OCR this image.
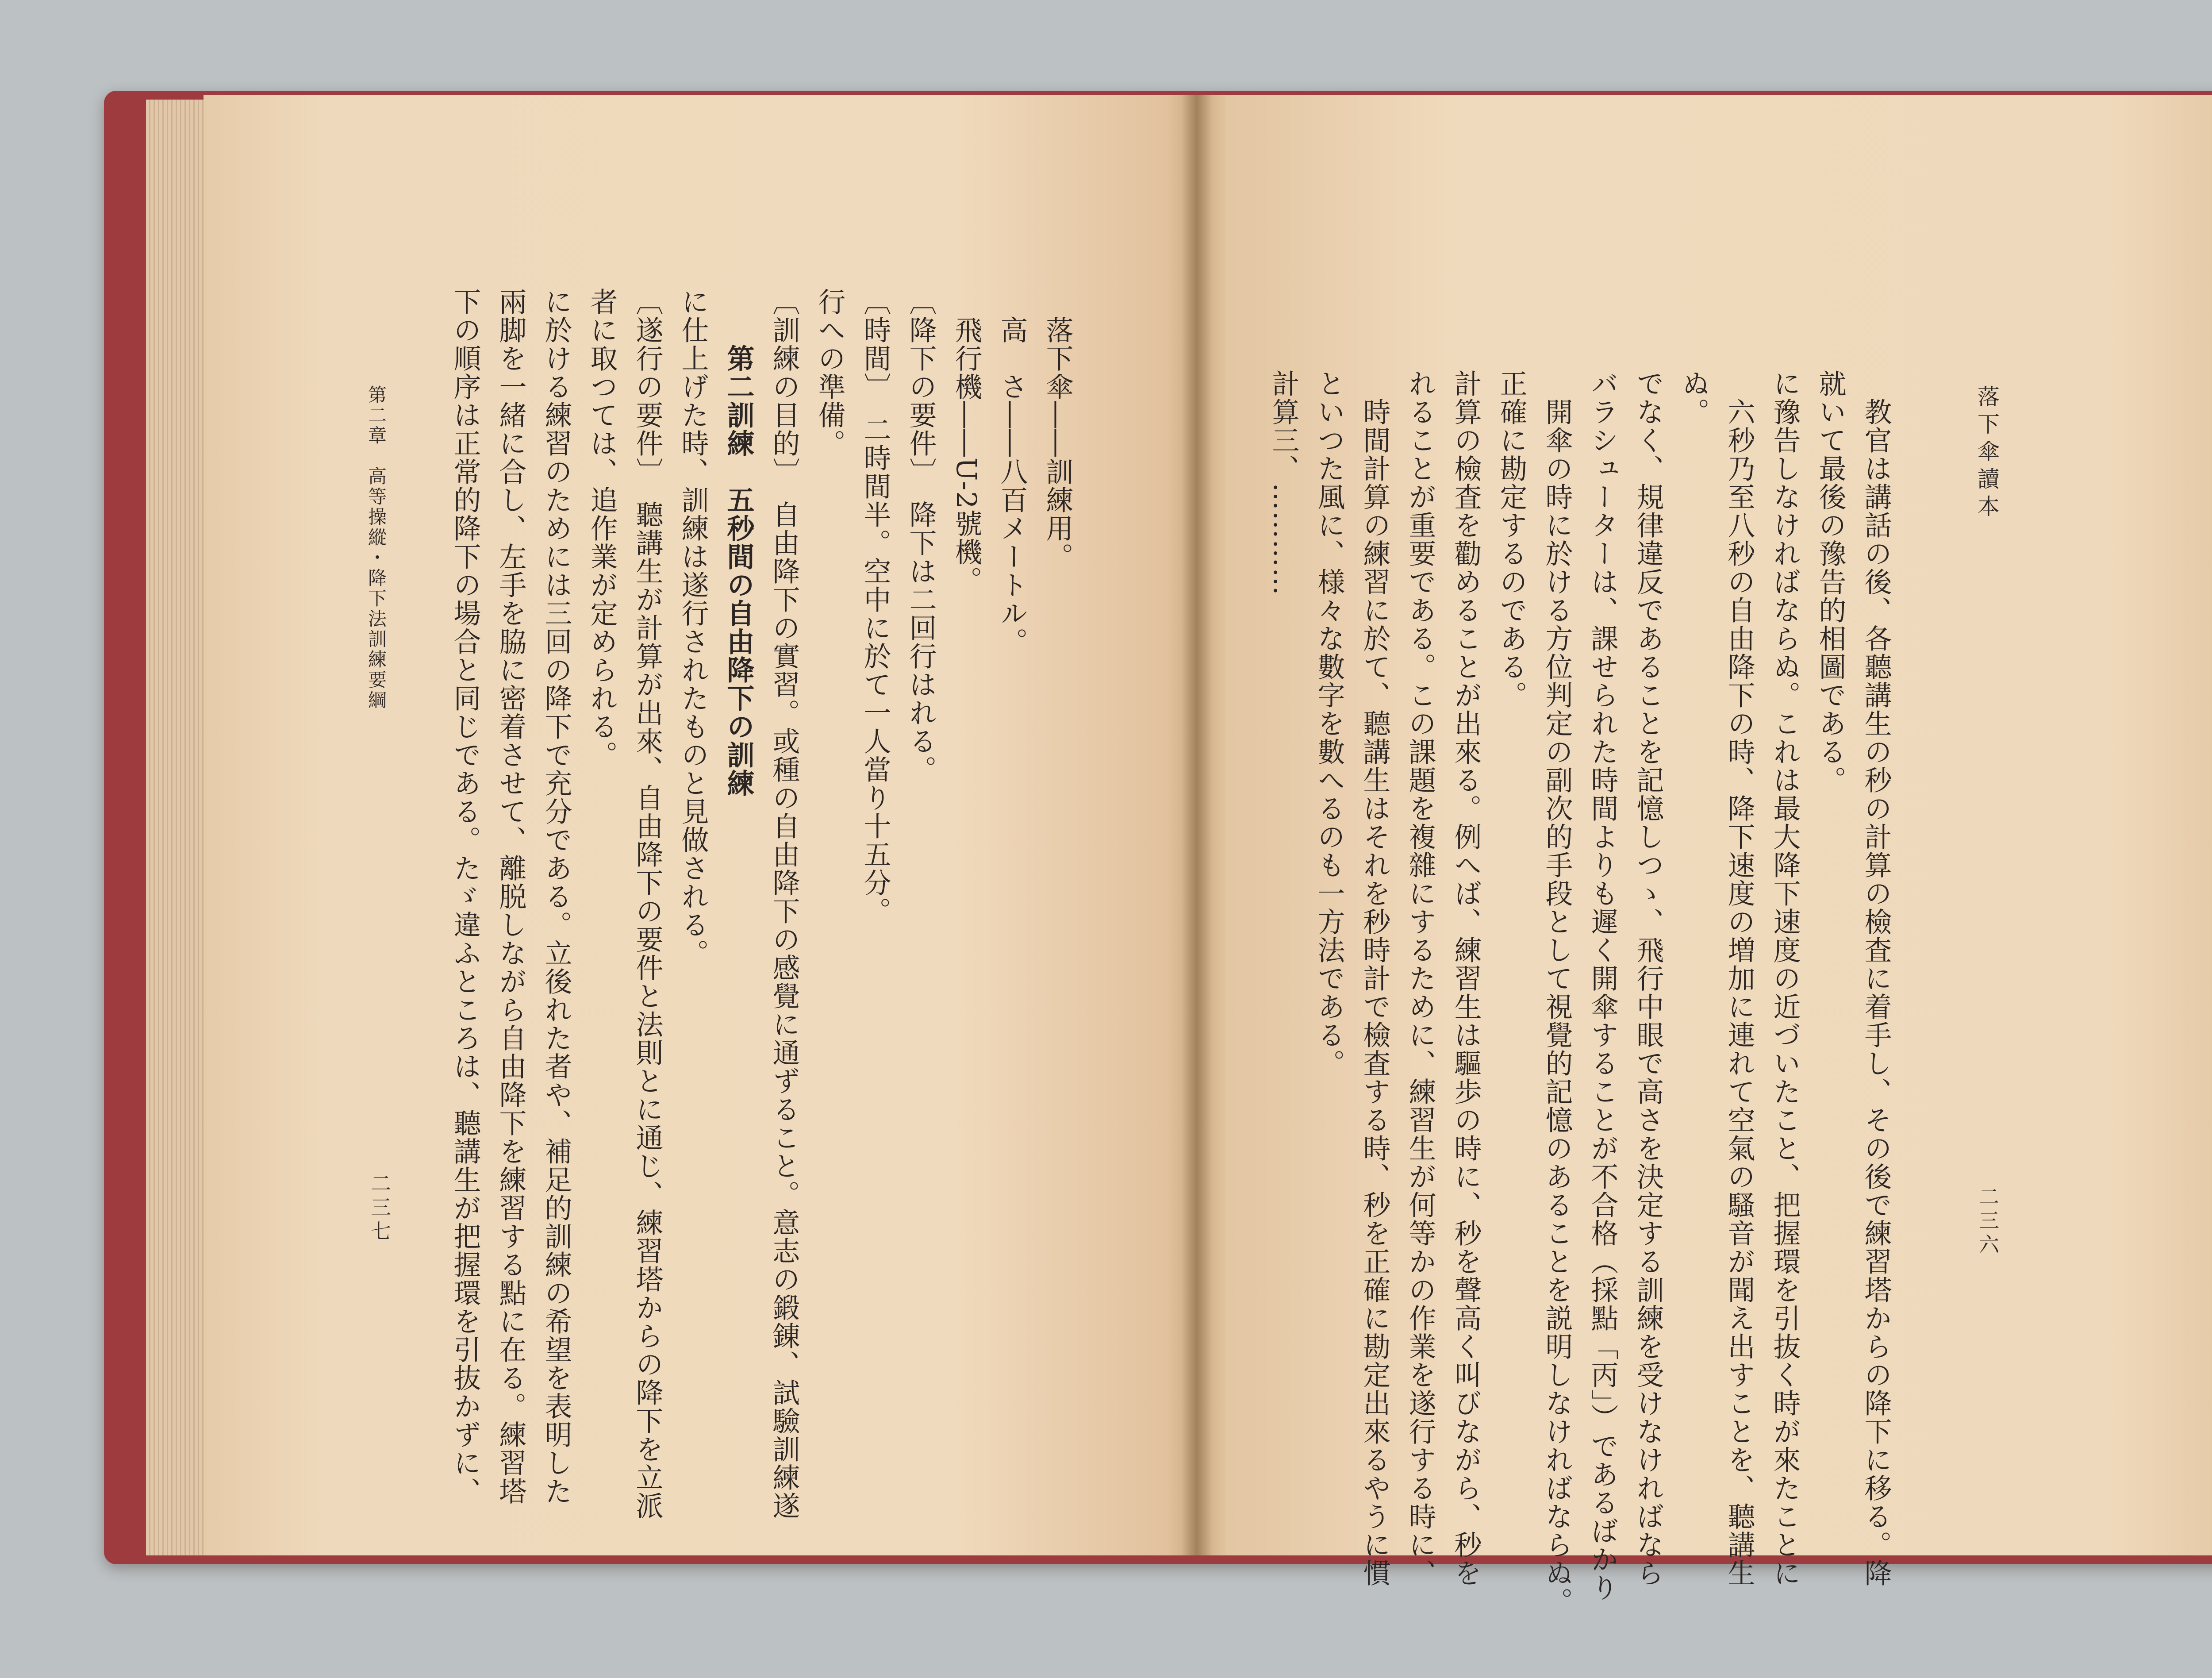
落下傘讀本
二三六

　教官は講話の後、各聽講生の秒の計算の檢査に着手し、その後で練習塔からの降下に移る。降

就いて最後の豫告的相圖である。

に豫告しなければならぬ。これは最大降下速度の近づいたこと、把握環を引抜く時が來たことに

　六秒乃至八秒の自由降下の時、降下速度の増加に連れて空氣の騷音が聞え出すことを、聽講生

ぬ。

でなく、規律違反であることを記憶しつゝ、飛行中眼で高さを決定する訓練を受けなければなら

バラシューターは、課せられた時間よりも遲く開傘することが不合格（採點「丙」）であるばかり

　開傘の時に於ける方位判定の副次的手段として視覺的記憶のあることを説明しなければならぬ。

正確に勘定するのである。

計算の檢査を勸めることが出來る。例へば、練習生は驅歩の時に、秒を聲高く叫びながら、秒を

れることが重要である。この課題を複雜にするために、練習生が何等かの作業を遂行する時に、

　時間計算の練習に於て、聽講生はそれを秒時計で檢査する時、秒を正確に勘定出來るやうに慣

といつた風に、様々な數字を數へるのも一方法である。

計算三、…………

第二章　高等操縱・降下法訓練要綱
二三七

　落下傘――訓練用。

　高　さ――八百メートル。

　飛行機――U-2號機。

〔降下の要件〕　降下は二回行はれる。

〔時間〕　二時間半。空中に於て一人當り十五分。

行への準備。

〔訓練の目的〕　自由降下の實習。或種の自由降下の感覺に通ずること。意志の鍛錬、試驗訓練遂

　　第二訓練　五秒間の自由降下の訓練

に仕上げた時、訓練は遂行されたものと見做される。

〔遂行の要件〕　聽講生が計算が出來、自由降下の要件と法則とに通じ、練習塔からの降下を立派

者に取つては、追作業が定められる。

に於ける練習のためには三回の降下で充分である。立後れた者や、補足的訓練の希望を表明した

兩脚を一緒に合し、左手を脇に密着させて、離脱しながら自由降下を練習する點に在る。練習塔

下の順序は正常的降下の場合と同じである。たゞ違ふところは、聽講生が把握環を引抜かずに、
